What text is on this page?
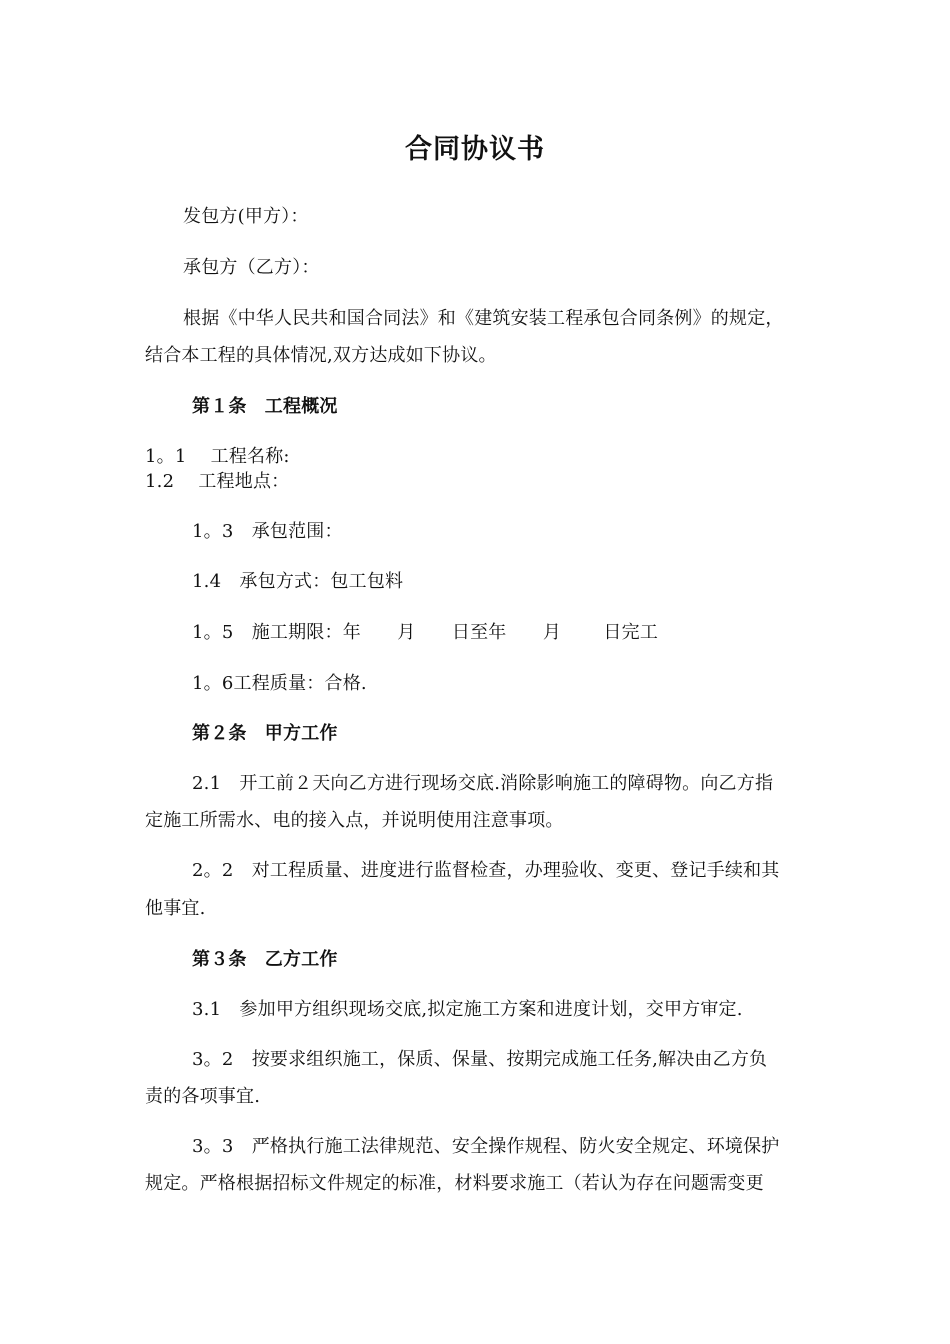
合同协议书
发包方(甲方）：
承包方（乙方）：
根据《中华人民共和国合同法》和《建筑安装工程承包合同条例》的规定，
结合本工程的具体情况,双方达成如下协议。
第１条　工程概况
1。1　 工程名称:
1.2　 工程地点：
1。3　承包范围：
1.4　承包方式：包工包料
1。5　施工期限：年　　月　　日至年　　月　　 日完工
1。6工程质量：合格.
第２条　甲方工作
2.1　开工前２天向乙方进行现场交底.消除影响施工的障碍物。向乙方指
定施工所需水、电的接入点，并说明使用注意事项。
2。2　对工程质量、进度进行监督检查，办理验收、变更、登记手续和其
他事宜.
第３条　乙方工作
3.1　参加甲方组织现场交底,拟定施工方案和进度计划，交甲方审定.
3。2　按要求组织施工，保质、保量、按期完成施工任务,解决由乙方负
责的各项事宜.
3。3　严格执行施工法律规范、安全操作规程、防火安全规定、环境保护
规定。严格根据招标文件规定的标准，材料要求施工（若认为存在问题需变更
